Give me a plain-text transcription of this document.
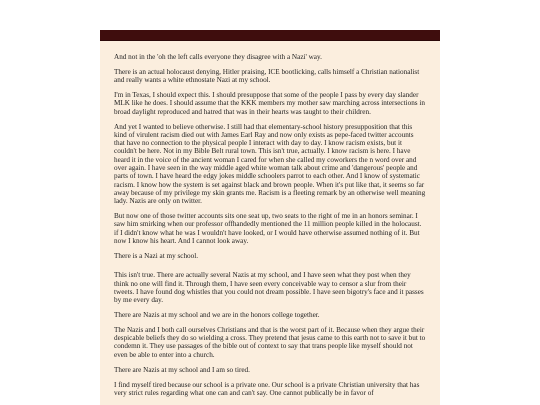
And not in the 'oh the left calls everyone they disagree with a Nazi' way.

There is an actual holocaust denying, Hitler praising, ICE bootlicking, calls himself a Christian nationalist and really wants a white ethnostate Nazi at my school.

I'm in Texas, I should expect this. I should presuppose that some of the people I pass by every day slander MLK like he does. I should assume that the KKK members my mother saw marching across intersections in broad daylight reproduced and hatred that was in their hearts was taught to their children.

And yet I wanted to believe otherwise. I still had that elementary-school history presupposition that this kind of virulent racism died out with James Earl Ray and now only exists as pepe-faced twitter accounts that have no connection to the physical people I interact with day to day. I know racism exists, but it couldn't be here. Not in my Bible Belt rural town. This isn't true, actually. I know racism is here. I have heard it in the voice of the ancient woman I cared for when she called my coworkers the n word over and over again. I have seen in the way middle aged white woman talk about crime and 'dangerous' people and parts of town. I have heard the edgy jokes middle schoolers parrot to each other. And I know of systematic racism. I know how the system is set against black and brown people. When it's put like that, it seems so far away because of my privilege my skin grants me. Racism is a fleeting remark by an otherwise well meaning lady. Nazis are only on twitter.

But now one of those twitter accounts sits one seat up, two seats to the right of me in an honors seminar. I saw him smirking when our professor offhandedly mentioned the 11 million people killed in the holocaust. if I didn't know what he was I wouldn't have looked, or I would have otherwise assumed nothing of it. But now I know his heart. And I cannot look away.

There is a Nazi at my school.

This isn't true. There are actually several Nazis at my school, and I have seen what they post when they think no one will find it. Through them, I have seen every conceivable way to censor a slur from their tweets. I have found dog whistles that you could not dream possible. I have seen bigotry's face and it passes by me every day.

There are Nazis at my school and we are in the honors college together.

The Nazis and I both call ourselves Christians and that is the worst part of it. Because when they argue their despicable beliefs they do so wielding a cross. They pretend that jesus came to this earth not to save it but to condemn it. They use passages of the bible out of context to say that trans people like myself should not even be able to enter into a church.

There are Nazis at my school and I am so tired.

I find myself tired because our school is a private one. Our school is a private Christian university that has very strict rules regarding what one can and can't say. One cannot publically be in favor of
